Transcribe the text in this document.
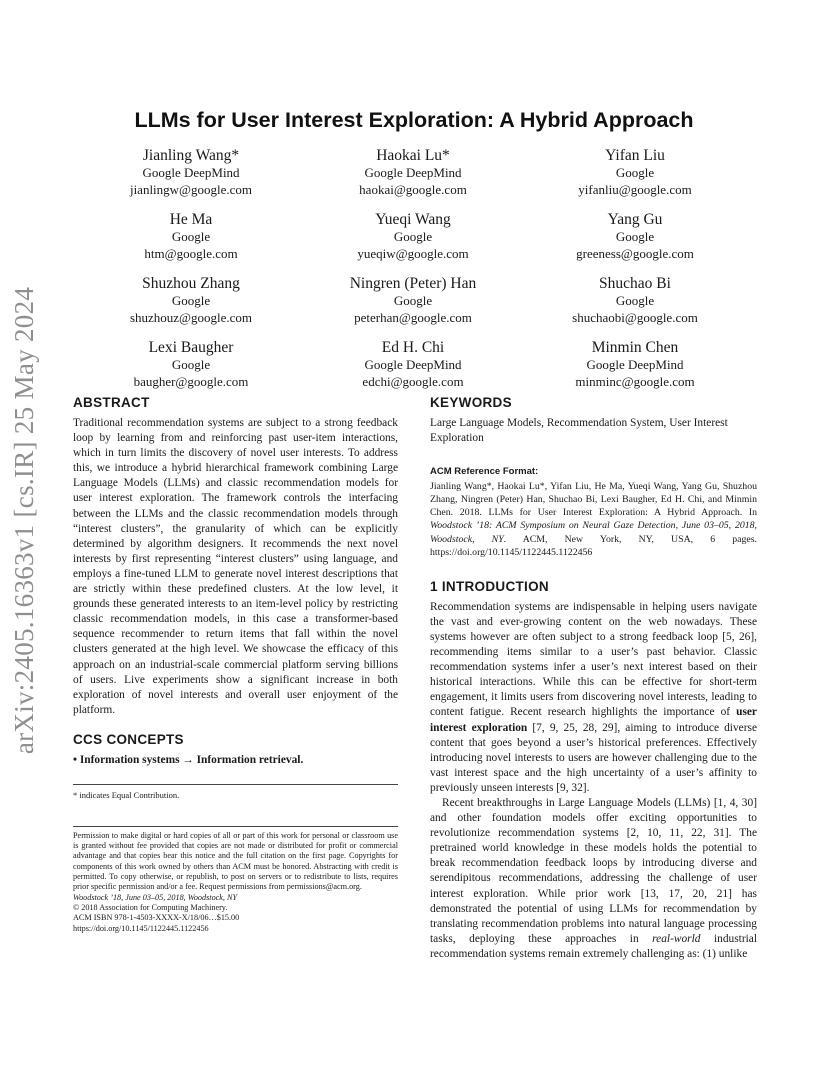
arXiv:2405.16363v1 [cs.IR] 25 May 2024
LLMs for User Interest Exploration: A Hybrid Approach
Jianling Wang*
Google DeepMind
jianlingw@google.com
Haokai Lu*
Google DeepMind
haokai@google.com
Yifan Liu
Google
yifanliu@google.com
He Ma
Google
htm@google.com
Yueqi Wang
Google
yueqiw@google.com
Yang Gu
Google
greeness@google.com
Shuzhou Zhang
Google
shuzhouz@google.com
Ningren (Peter) Han
Google
peterhan@google.com
Shuchao Bi
Google
shuchaobi@google.com
Lexi Baugher
Google
baugher@google.com
Ed H. Chi
Google DeepMind
edchi@google.com
Minmin Chen
Google DeepMind
minminc@google.com
ABSTRACT

Traditional recommendation systems are subject to a strong feedback loop by learning from and reinforcing past user-item interactions, which in turn limits the discovery of novel user interests. To address this, we introduce a hybrid hierarchical framework combining Large Language Models (LLMs) and classic recommendation models for user interest exploration. The framework controls the interfacing between the LLMs and the classic recommendation models through “interest clusters”, the granularity of which can be explicitly determined by algorithm designers. It recommends the next novel interests by first representing “interest clusters” using language, and employs a fine-tuned LLM to generate novel interest descriptions that are strictly within these predefined clusters. At the low level, it grounds these generated interests to an item-level policy by restricting classic recommendation models, in this case a transformer-based sequence recommender to return items that fall within the novel clusters generated at the high level. We showcase the efficacy of this approach on an industrial-scale commercial platform serving billions of users. Live experiments show a significant increase in both exploration of novel interests and overall user enjoyment of the platform.

CCS CONCEPTS
• Information systems → Information retrieval.
* indicates Equal Contribution.
Permission to make digital or hard copies of all or part of this work for personal or classroom use is granted without fee provided that copies are not made or distributed for profit or commercial advantage and that copies bear this notice and the full citation on the first page. Copyrights for components of this work owned by others than ACM must be honored. Abstracting with credit is permitted. To copy otherwise, or republish, to post on servers or to redistribute to lists, requires prior specific permission and/or a fee. Request permissions from permissions@acm.org.
Woodstock ’18, June 03–05, 2018, Woodstock, NY
© 2018 Association for Computing Machinery.
ACM ISBN 978-1-4503-XXXX-X/18/06…$15.00
https://doi.org/10.1145/1122445.1122456
KEYWORDS

Large Language Models, Recommendation System, User Interest Exploration

ACM Reference Format:

Jianling Wang*, Haokai Lu*, Yifan Liu, He Ma, Yueqi Wang, Yang Gu, Shuzhou Zhang, Ningren (Peter) Han, Shuchao Bi, Lexi Baugher, Ed H. Chi, and Minmin Chen. 2018. LLMs for User Interest Exploration: A Hybrid Approach. In Woodstock ’18: ACM Symposium on Neural Gaze Detection, June 03–05, 2018, Woodstock, NY. ACM, New York, NY, USA, 6 pages. https://doi.org/10.1145/1122445.1122456

1 INTRODUCTION

Recommendation systems are indispensable in helping users navigate the vast and ever-growing content on the web nowadays. These systems however are often subject to a strong feedback loop [5, 26], recommending items similar to a user’s past behavior. Classic recommendation systems infer a user’s next interest based on their historical interactions. While this can be effective for short-term engagement, it limits users from discovering novel interests, leading to content fatigue. Recent research highlights the importance of user interest exploration [7, 9, 25, 28, 29], aiming to introduce diverse content that goes beyond a user’s historical preferences. Effectively introducing novel interests to users are however challenging due to the vast interest space and the high uncertainty of a user’s affinity to previously unseen interests [9, 32].

Recent breakthroughs in Large Language Models (LLMs) [1, 4, 30] and other foundation models offer exciting opportunities to revolutionize recommendation systems [2, 10, 11, 22, 31]. The pretrained world knowledge in these models holds the potential to break recommendation feedback loops by introducing diverse and serendipitous recommendations, addressing the challenge of user interest exploration. While prior work [13, 17, 20, 21] has demonstrated the potential of using LLMs for recommendation by translating recommendation problems into natural language processing tasks, deploying these approaches in real-world industrial recommendation systems remain extremely challenging as: (1) unlike
